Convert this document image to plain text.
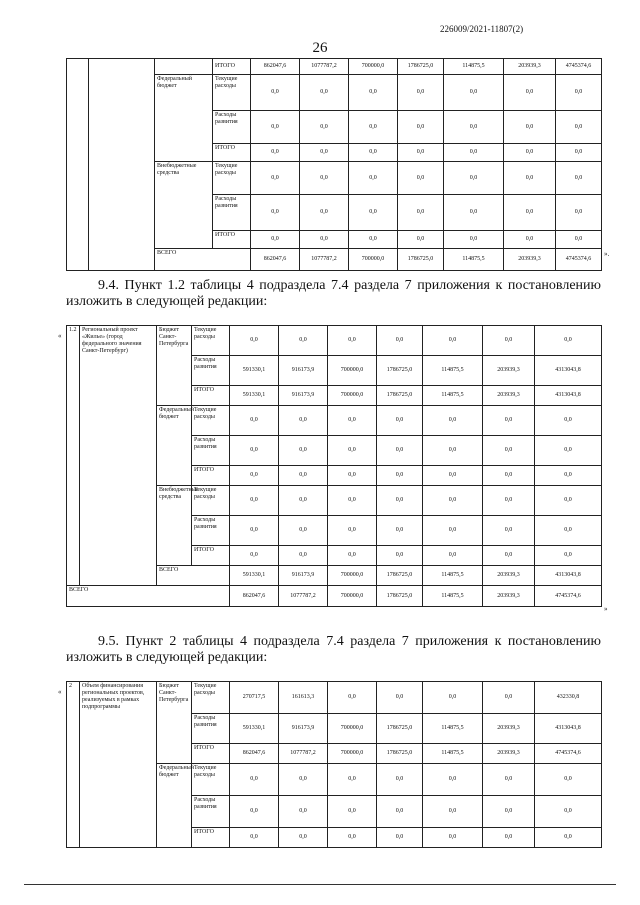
226009/2021-11807(2)
26
			ИТОГО	862047,6	1077787,2	700000,0	1786725,0	114875,5	203939,3	4745374,6
		Федеральный бюджет	Текущие расходы	0,0	0,0	0,0	0,0	0,0	0,0	0,0
			Расходы развития	0,0	0,0	0,0	0,0	0,0	0,0	0,0
			ИТОГО	0,0	0,0	0,0	0,0	0,0	0,0	0,0
		Внебюджетные средства	Текущие расходы	0,0	0,0	0,0	0,0	0,0	0,0	0,0
			Расходы развития	0,0	0,0	0,0	0,0	0,0	0,0	0,0
			ИТОГО	0,0	0,0	0,0	0,0	0,0	0,0	0,0
		ВСЕГО		862047,6	1077787,2	700000,0	1786725,0	114875,5	203939,3	4745374,6
».
9.4. Пункт 1.2 таблицы 4 подраздела 7.4 раздела 7 приложения к постановлению
изложить в следующей редакции:
«
1.2	Региональный проект «Жилье» (город федерального значения Санкт-Петербург)	Бюджет Санкт-Петербурга	Текущие расходы	0,0	0,0	0,0	0,0	0,0	0,0	0,0
			Расходы развития	591330,1	916173,9	700000,0	1786725,0	114875,5	203939,3	4313043,8
			ИТОГО	591330,1	916173,9	700000,0	1786725,0	114875,5	203939,3	4313043,8
		Федеральный бюджет	Текущие расходы	0,0	0,0	0,0	0,0	0,0	0,0	0,0
			Расходы развития	0,0	0,0	0,0	0,0	0,0	0,0	0,0
			ИТОГО	0,0	0,0	0,0	0,0	0,0	0,0	0,0
		Внебюджетные средства	Текущие расходы	0,0	0,0	0,0	0,0	0,0	0,0	0,0
			Расходы развития	0,0	0,0	0,0	0,0	0,0	0,0	0,0
			ИТОГО	0,0	0,0	0,0	0,0	0,0	0,0	0,0
		ВСЕГО		591330,1	916173,9	700000,0	1786725,0	114875,5	203939,3	4313043,8
ВСЕГО				862047,6	1077787,2	700000,0	1786725,0	114875,5	203939,3	4745374,6
»
9.5. Пункт 2 таблицы 4 подраздела 7.4 раздела 7 приложения к постановлению
изложить в следующей редакции:
«
2	Объем финансирования региональных проектов, реализуемых в рамках подпрограммы	Бюджет Санкт-Петербурга	Текущие расходы	270717,5	161613,3	0,0	0,0	0,0	0,0	432330,8
			Расходы развития	591330,1	916173,9	700000,0	1786725,0	114875,5	203939,3	4313043,8
			ИТОГО	862047,6	1077787,2	700000,0	1786725,0	114875,5	203939,3	4745374,6
		Федеральный бюджет	Текущие расходы	0,0	0,0	0,0	0,0	0,0	0,0	0,0
			Расходы развития	0,0	0,0	0,0	0,0	0,0	0,0	0,0
			ИТОГО	0,0	0,0	0,0	0,0	0,0	0,0	0,0
